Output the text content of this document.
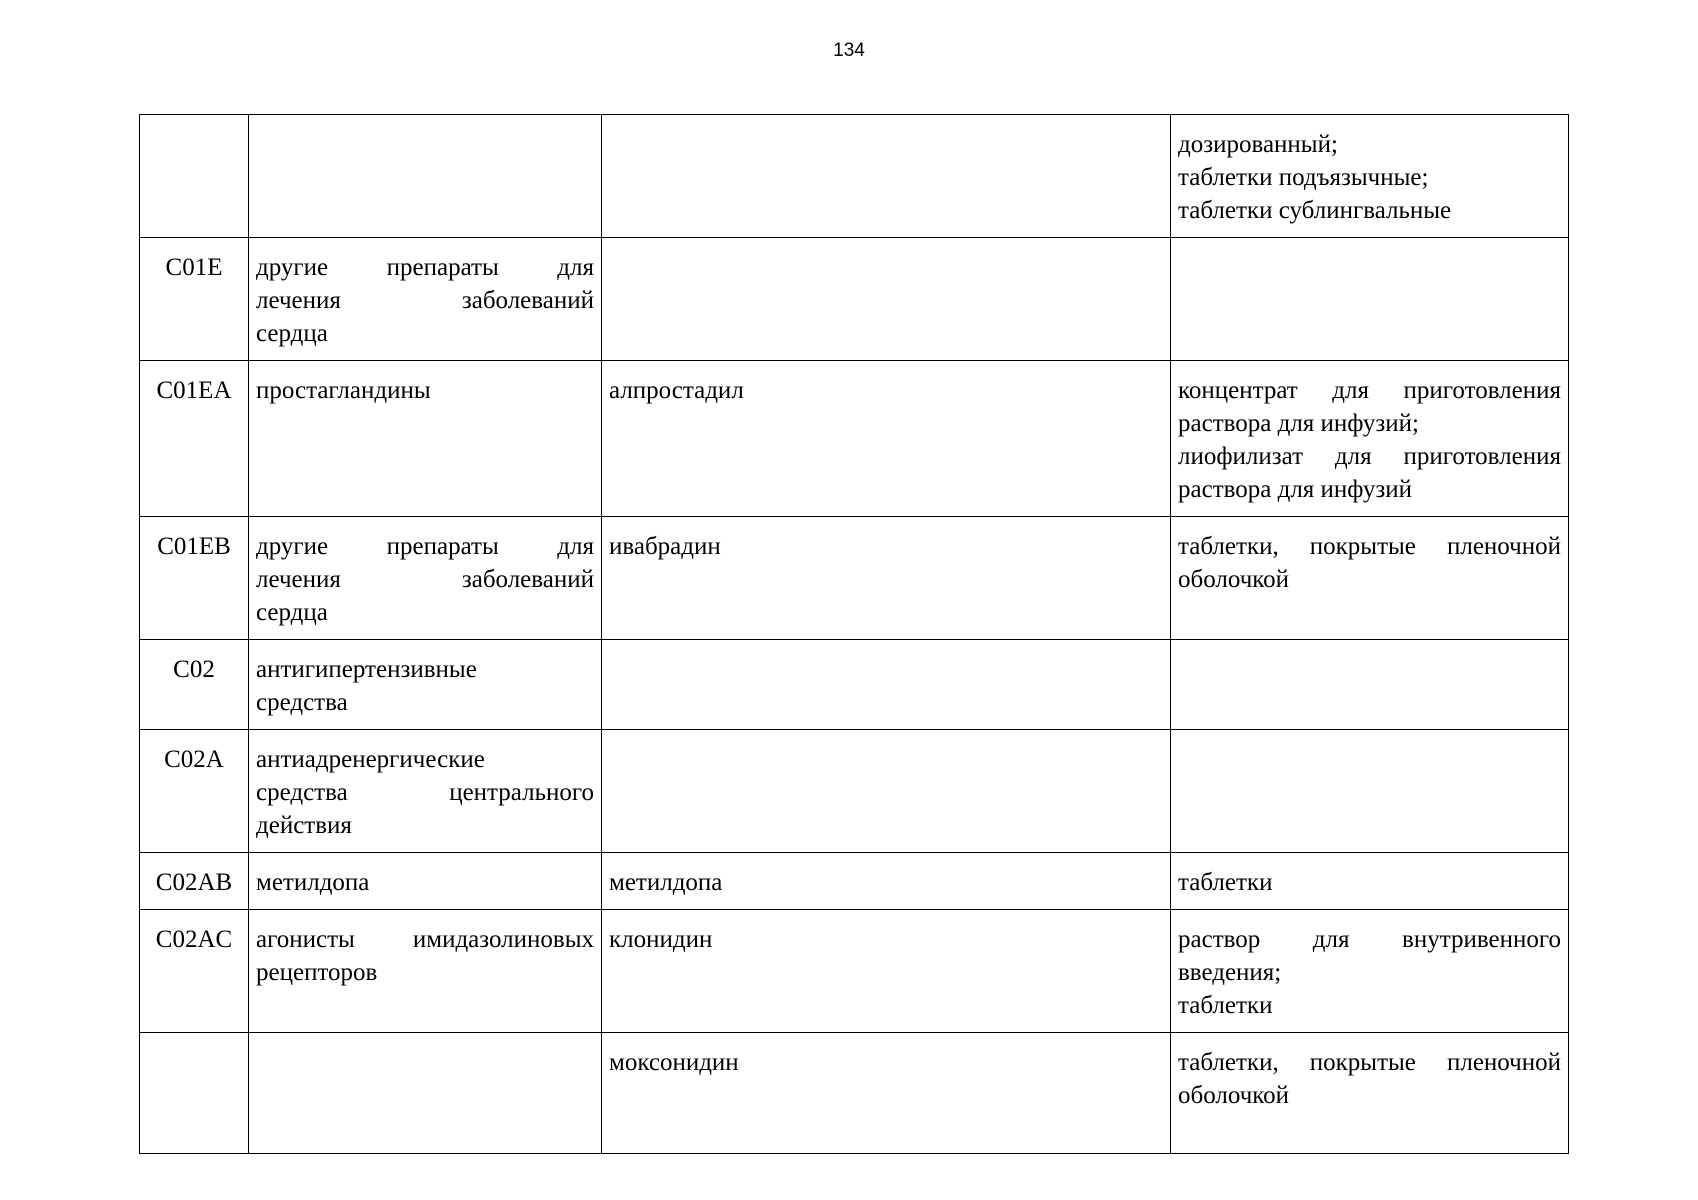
134

			дозированный;
таблетки подъязычные;
таблетки сублингвальные

C01E	другие препараты для
лечения заболеваний
сердца		

C01EA	простагландины	алпростадил	концентрат для приготовления
раствора для инфузий;
лиофилизат для приготовления
раствора для инфузий

C01EB	другие препараты для
лечения заболеваний
сердца	ивабрадин	таблетки, покрытые пленочной
оболочкой

C02	антигипертензивные
средства		

C02A	антиадренергические
средства центрального
действия		

C02AB	метилдопа	метилдопа	таблетки

C02AC	агонисты имидазолиновых
рецепторов	клонидин	раствор для внутривенного
введения;
таблетки

		моксонидин	таблетки, покрытые пленочной
оболочкой
